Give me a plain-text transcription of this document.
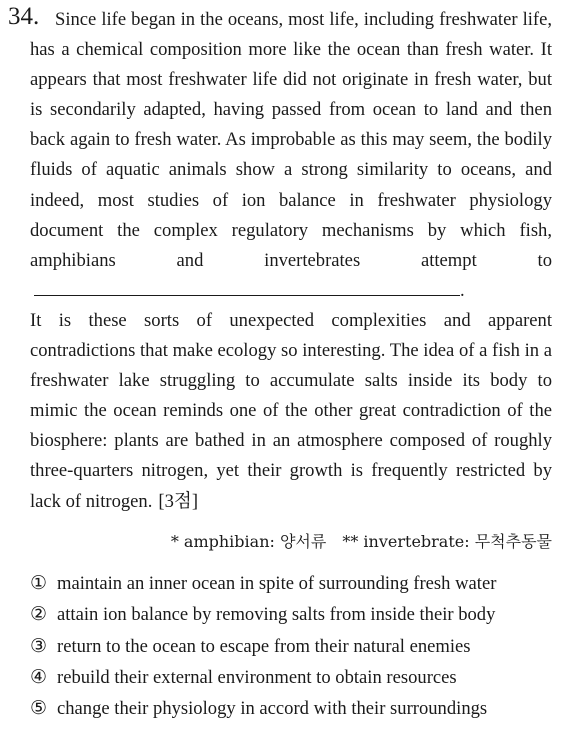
34. Since life began in the oceans, most life, including freshwater life, has a chemical composition more like the ocean than fresh water. It appears that most freshwater life did not originate in fresh water, but is secondarily adapted, having passed from ocean to land and then back again to fresh water. As improbable as this may seem, the bodily fluids of aquatic animals show a strong similarity to oceans, and indeed, most studies of ion balance in freshwater physiology document the complex regulatory mechanisms by which fish, amphibians and invertebrates attempt to.

It is these sorts of unexpected complexities and apparent contradictions that make ecology so interesting. The idea of a fish in a freshwater lake struggling to accumulate salts inside its body to mimic the ocean reminds one of the other great contradiction of the biosphere: plants are bathed in an atmosphere composed of roughly three-quarters nitrogen, yet their growth is frequently restricted by lack of nitrogen. [3점]

* amphibian: 양서류 ** invertebrate: 무척추동물
① maintain an inner ocean in spite of surrounding fresh water
② attain ion balance by removing salts from inside their body
③ return to the ocean to escape from their natural enemies
④ rebuild their external environment to obtain resources
⑤ change their physiology in accord with their surroundings
